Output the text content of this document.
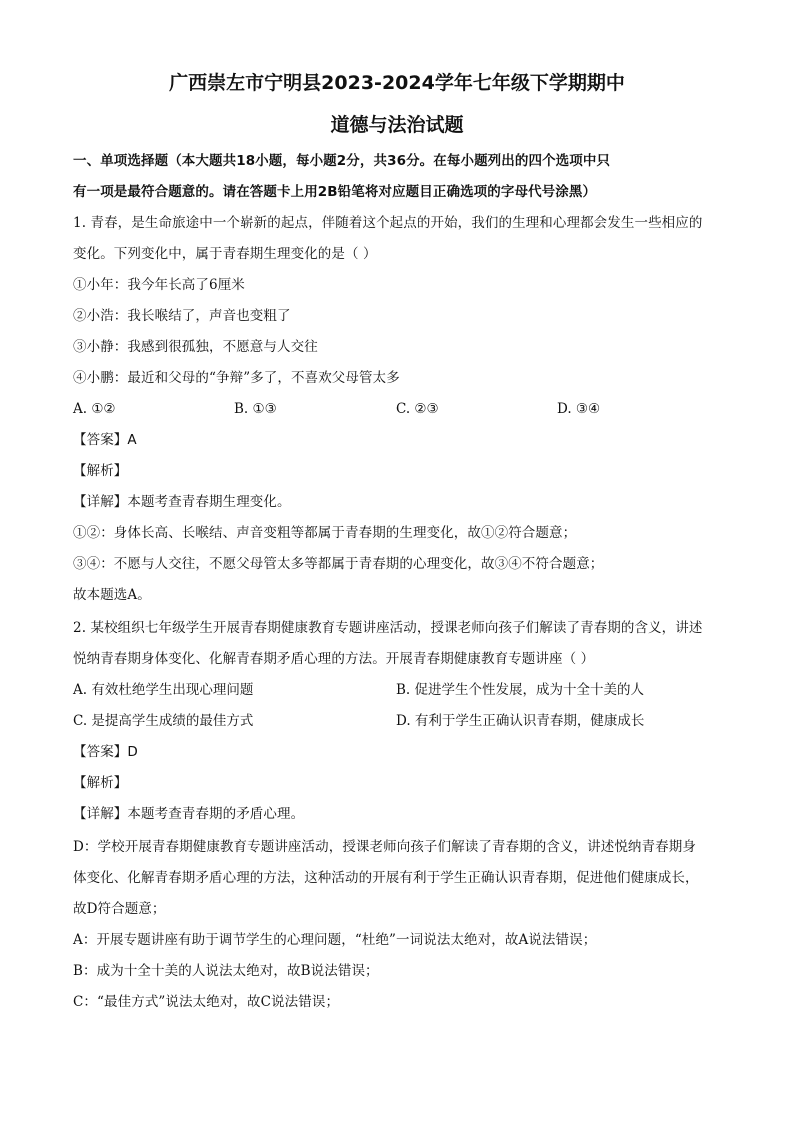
广西崇左市宁明县2023-2024学年七年级下学期期中
道德与法治试题
一、单项选择题（本大题共18小题，每小题2分，共36分。在每小题列出的四个选项中只
有一项是最符合题意的。请在答题卡上用2B铅笔将对应题目正确选项的字母代号涂黑）
1. 青春，是生命旅途中一个崭新的起点，伴随着这个起点的开始，我们的生理和心理都会发生一些相应的
变化。下列变化中，属于青春期生理变化的是（ ）
①小年：我今年长高了6厘米
②小浩：我长喉结了，声音也变粗了
③小静：我感到很孤独，不愿意与人交往
④小鹏：最近和父母的“争辩”多了，不喜欢父母管太多
A. ①②	B. ①③	C. ②③	D. ③④
【答案】A
【解析】
【详解】本题考查青春期生理变化。
①②：身体长高、长喉结、声音变粗等都属于青春期的生理变化，故①②符合题意；
③④：不愿与人交往，不愿父母管太多等都属于青春期的心理变化，故③④不符合题意；
故本题选A。
2. 某校组织七年级学生开展青春期健康教育专题讲座活动，授课老师向孩子们解读了青春期的含义，讲述
悦纳青春期身体变化、化解青春期矛盾心理的方法。开展青春期健康教育专题讲座（ ）
A. 有效杜绝学生出现心理问题	B. 促进学生个性发展，成为十全十美的人
C. 是提高学生成绩的最佳方式	D. 有利于学生正确认识青春期，健康成长
【答案】D
【解析】
【详解】本题考查青春期的矛盾心理。
D：学校开展青春期健康教育专题讲座活动，授课老师向孩子们解读了青春期的含义，讲述悦纳青春期身
体变化、化解青春期矛盾心理的方法，这种活动的开展有利于学生正确认识青春期，促进他们健康成长，
故D符合题意；
A：开展专题讲座有助于调节学生的心理问题，“杜绝”一词说法太绝对，故A说法错误；
B：成为十全十美的人说法太绝对，故B说法错误；
C：“最佳方式”说法太绝对，故C说法错误；
